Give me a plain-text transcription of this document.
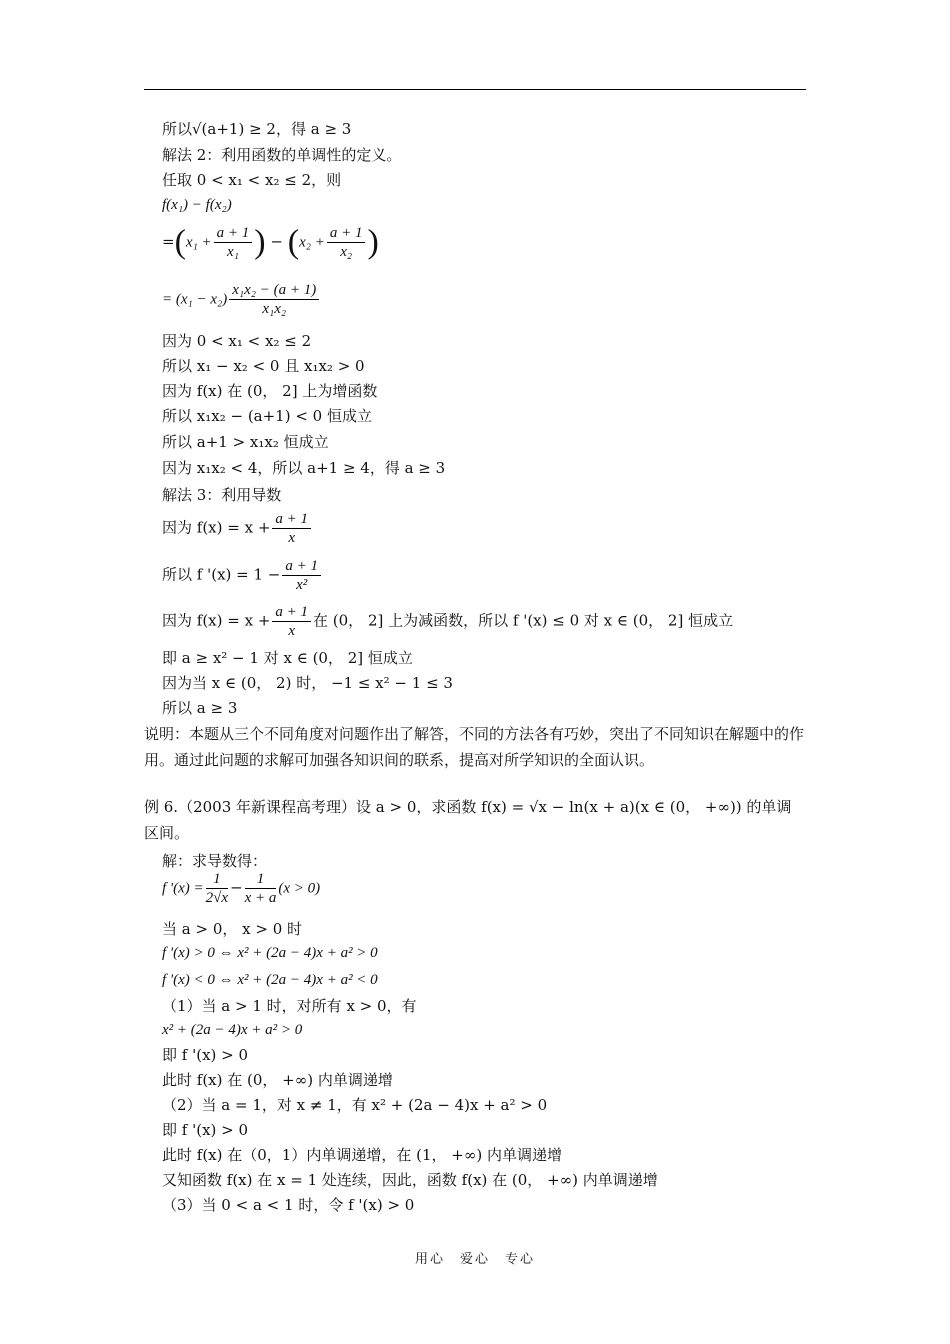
所以√(a+1) ≥ 2，得 a ≥ 3
解法 2：利用函数的单调性的定义。
任取 0 < x₁ < x₂ ≤ 2，则
f(x₁) − f(x₂)
$=(x_1 + \frac{a + 1}{\text{x₁}}$ ) − ($x_2 + \frac{a + 1}{\text{x₂}}$ )
= $(x_1 - x_2) \frac{\text{x₁x₂ − (a + 1)}}{\text{x₁x₂}}$
因为 0 < x₁ < x₂ ≤ 2
所以 x₁ − x₂ < 0 且 x₁x₂ > 0
因为 f(x) 在 (0， 2] 上为增函数
所以 x₁x₂ − (a+1) < 0 恒成立
所以 a+1 > x₁x₂ 恒成立
因为 x₁x₂ < 4，所以 a+1 ≥ 4，得 a ≥ 3
解法 3：利用导数
因为 $f(x) = x + \frac{a + 1}{x}$
所以 f '$(x) = 1 - \frac{a + 1}{\text{x²}}$
因为 $f(x) = x + \frac{a + 1}{x}$ 在 (0， 2] 上为减函数，所以 f '(x) ≤ 0 对 x ∈ (0， 2] 恒成立
即 a ≥ x² − 1 对 x ∈ (0， 2] 恒成立
因为当 x ∈ (0， 2) 时， −1 ≤ x² − 1 ≤ 3
所以 a ≥ 3
说明：本题从三个不同角度对问题作出了解答，不同的方法各有巧妙，突出了不同知识在解题中的作用。通过此问题的求解可加强各知识间的联系，提高对所学知识的全面认识。
例 6.（2003 年新课程高考理）设 a > 0，求函数 f(x) = √x − ln(x + a)(x ∈ (0， +∞)) 的单调区间。
解：求导数得：
f '$(x) = \frac{1}{2√x} - \frac{1}{x + a} (x > 0)$
当 a > 0， x > 0 时
f '(x) > 0 ⇔ x² + (2a − 4)x + a² > 0
f '(x) < 0 ⇔ x² + (2a − 4)x + a² < 0
（1）当 a > 1 时，对所有 x > 0，有
x² + (2a − 4)x + a² > 0
即 f '(x) > 0
此时 f(x) 在 (0， +∞) 内单调递增
（2）当 a = 1，对 x ≠ 1，有 x² + (2a − 4)x + a² > 0
即 f '(x) > 0
此时 f(x) 在（0，1）内单调递增，在 (1， +∞) 内单调递增
又知函数 f(x) 在 x = 1 处连续，因此，函数 f(x) 在 (0， +∞) 内单调递增
（3）当 0 < a < 1 时，令 f '(x) > 0
用心　爱心　专心
